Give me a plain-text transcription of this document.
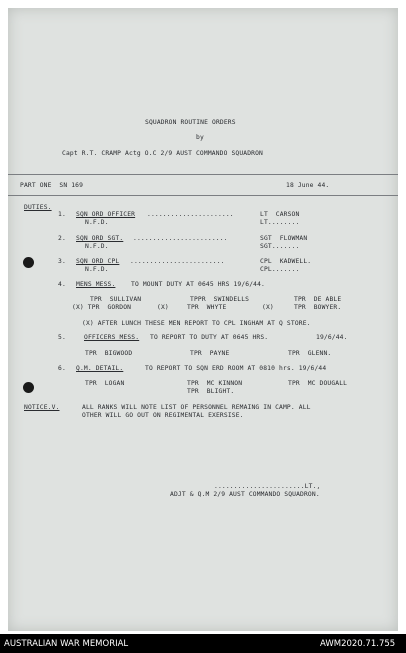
SQUADRON ROUTINE ORDERS
by
Capt R.T. CRAMP Actg O.C 2/9 AUST COMMANDO SQUADRON
PART ONE  SN 169	18 June 44.
DUTIES.
1. SQN ORD OFFICER ......................	LT  CARSON
N.F.D.	LT........
2. SQN ORD SGT. ........................	SGT  FLOWMAN
N.F.D.	SGT.......
3. SQN ORD CPL ........................	CPL  KADWELL.
N.F.D.	CPL.......
4. MENS MESS. TO MOUNT DUTY AT 0645 HRS 19/6/44.
TPR  SULLIVAN	TPPR  SWINDELLS	TPR  DE ABLE
(X) TPR  GORDON	(X)	TPR  WHYTE	(X)	TPR  BOWYER.
(X) AFTER LUNCH THESE MEN REPORT TO CPL INGHAM AT Q STORE.
5.	OFFICERS MESS. TO REPORT TO DUTY AT 0645 HRS.	19/6/44.
TPR  BIGWOOD	TPR  PAYNE	TPR  GLENN.
6. Q.M. DETAIL.	TO REPORT TO SQN ERD ROOM AT 0810 hrs. 19/6/44
TPR  LOGAN	TPR  MC KINNON	TPR  MC DOUGALL
TPR  BLIGHT.
NOTICE.V.	ALL RANKS WILL NOTE LIST OF PERSONNEL REMAING IN CAMP. ALL
OTHER WILL GO OUT ON REGIMENTAL EXERSISE.
.......................LT.,
ADJT & Q.M 2/9 AUST COMMANDO SQUADRON.
AUSTRALIAN WAR MEMORIAL	AWM2020.71.755
